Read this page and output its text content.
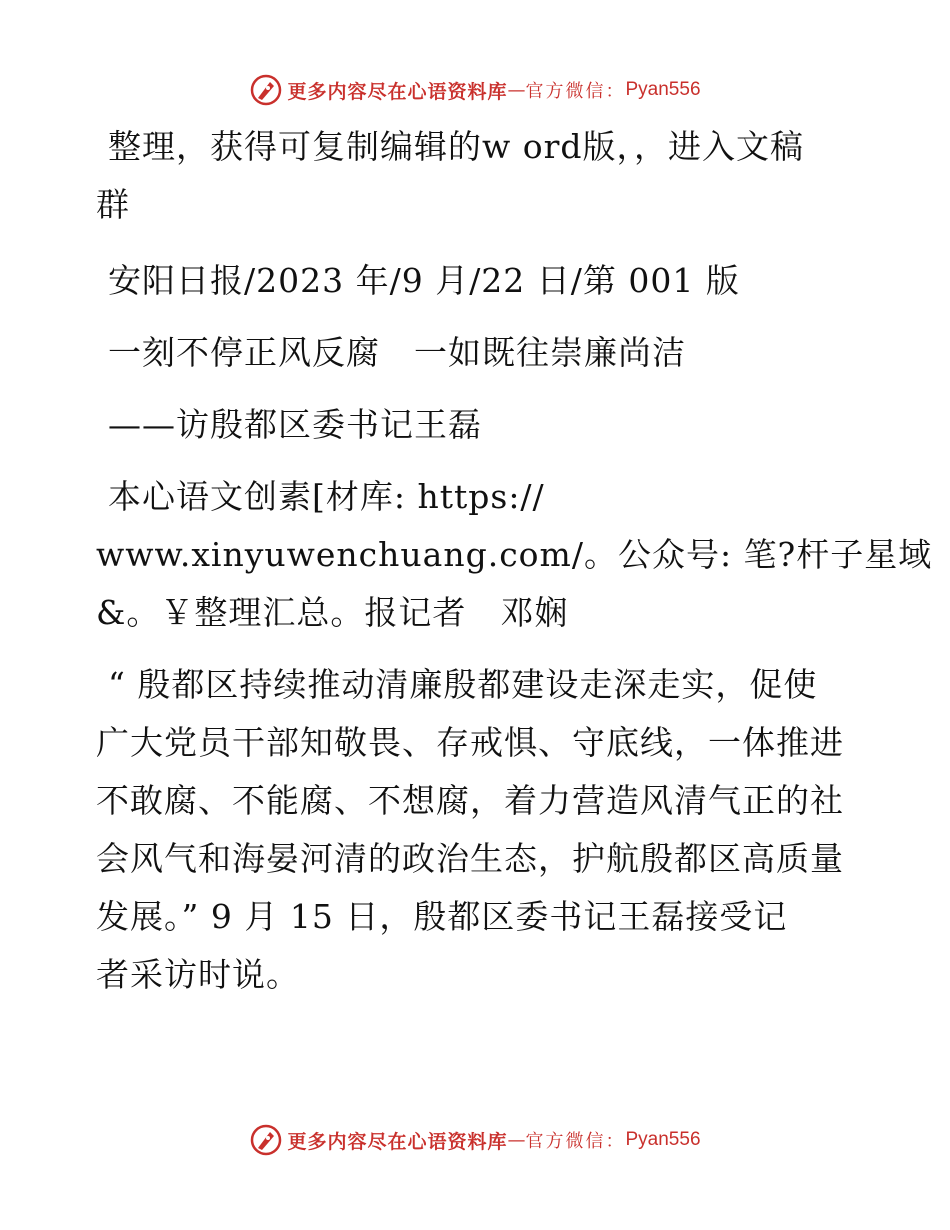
更多内容尽在心语资料库 — 官方微信： Pyan556
整理，获得可复制编辑的w ord版，，进入文稿
群
安阳日报/2023 年/9 月/22 日/第 001 版
一刻不停正风反腐　一如既往崇廉尚洁
——访殷都区委书记王磊
本心语文创素[材库: https://
www.xinyuwenchuang.com/。公众号: 笔?杆子星域
&。￥整理汇总。报记者　邓娴
“ 殷都区持续推动清廉殷都建设走深走实，促使
广大党员干部知敬畏、存戒惧、守底线，一体推进
不敢腐、不能腐、不想腐，着力营造风清气正的社
会风气和海晏河清的政治生态，护航殷都区高质量
发展。” 9 月 15 日，殷都区委书记王磊接受记
者采访时说。
更多内容尽在心语资料库 — 官方微信： Pyan556
